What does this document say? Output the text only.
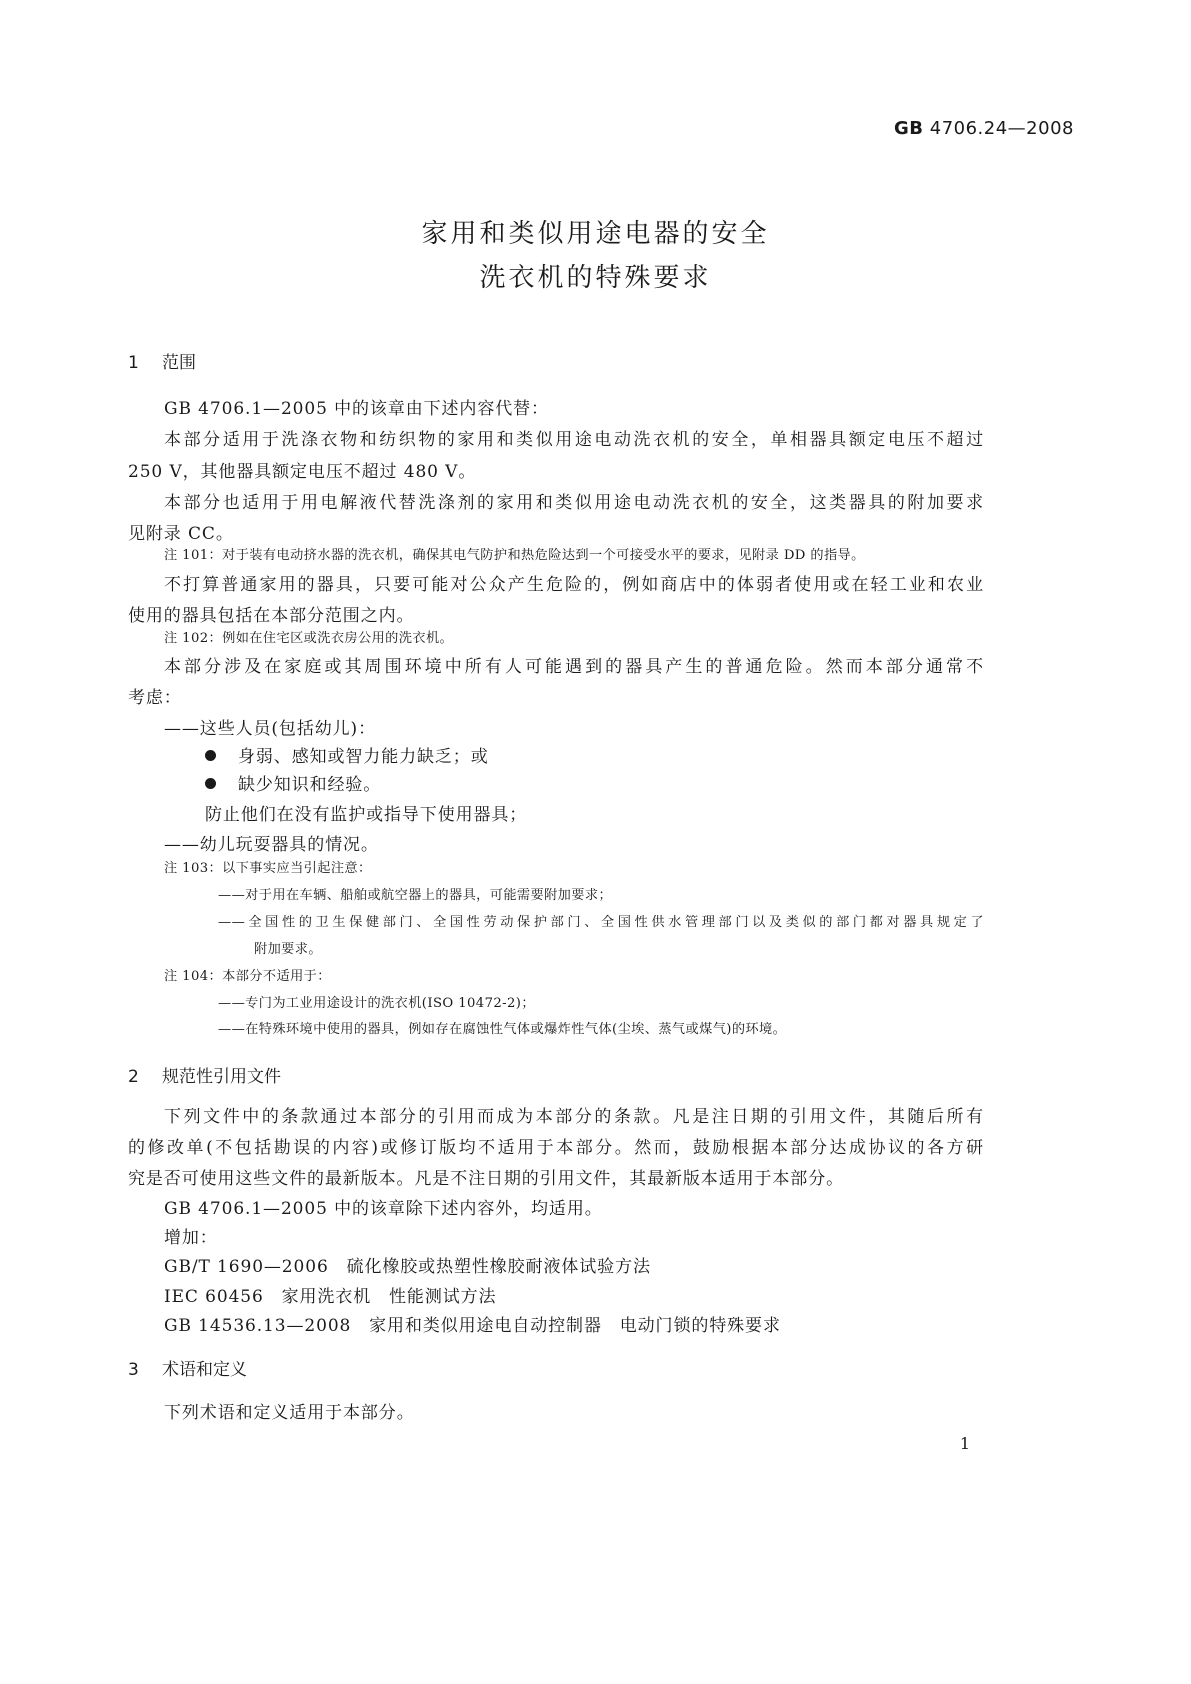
GB 4706.24—2008
家用和类似用途电器的安全
洗衣机的特殊要求
1 范围
GB 4706.1—2005 中的该章由下述内容代替：
本部分适用于洗涤衣物和纺织物的家用和类似用途电动洗衣机的安全，单相器具额定电压不超过
250 V，其他器具额定电压不超过 480 V。
本部分也适用于用电解液代替洗涤剂的家用和类似用途电动洗衣机的安全，这类器具的附加要求
见附录 CC。
注 101：对于装有电动挤水器的洗衣机，确保其电气防护和热危险达到一个可接受水平的要求，见附录 DD 的指导。
不打算普通家用的器具，只要可能对公众产生危险的，例如商店中的体弱者使用或在轻工业和农业
使用的器具包括在本部分范围之内。
注 102：例如在住宅区或洗衣房公用的洗衣机。
本部分涉及在家庭或其周围环境中所有人可能遇到的器具产生的普通危险。然而本部分通常不
考虑：
——这些人员(包括幼儿)：
身弱、感知或智力能力缺乏；或
缺少知识和经验。
防止他们在没有监护或指导下使用器具；
——幼儿玩耍器具的情况。
注 103：以下事实应当引起注意：
——对于用在车辆、船舶或航空器上的器具，可能需要附加要求；
——全国性的卫生保健部门、全国性劳动保护部门、全国性供水管理部门以及类似的部门都对器具规定了
附加要求。
注 104：本部分不适用于：
——专门为工业用途设计的洗衣机(ISO 10472-2)；
——在特殊环境中使用的器具，例如存在腐蚀性气体或爆炸性气体(尘埃、蒸气或煤气)的环境。
2 规范性引用文件
下列文件中的条款通过本部分的引用而成为本部分的条款。凡是注日期的引用文件，其随后所有
的修改单(不包括勘误的内容)或修订版均不适用于本部分。然而，鼓励根据本部分达成协议的各方研
究是否可使用这些文件的最新版本。凡是不注日期的引用文件，其最新版本适用于本部分。
GB 4706.1—2005 中的该章除下述内容外，均适用。
增加：
GB/T 1690—2006　硫化橡胶或热塑性橡胶耐液体试验方法
IEC 60456　家用洗衣机　性能测试方法
GB 14536.13—2008　家用和类似用途电自动控制器　电动门锁的特殊要求
3 术语和定义
下列术语和定义适用于本部分。
1
